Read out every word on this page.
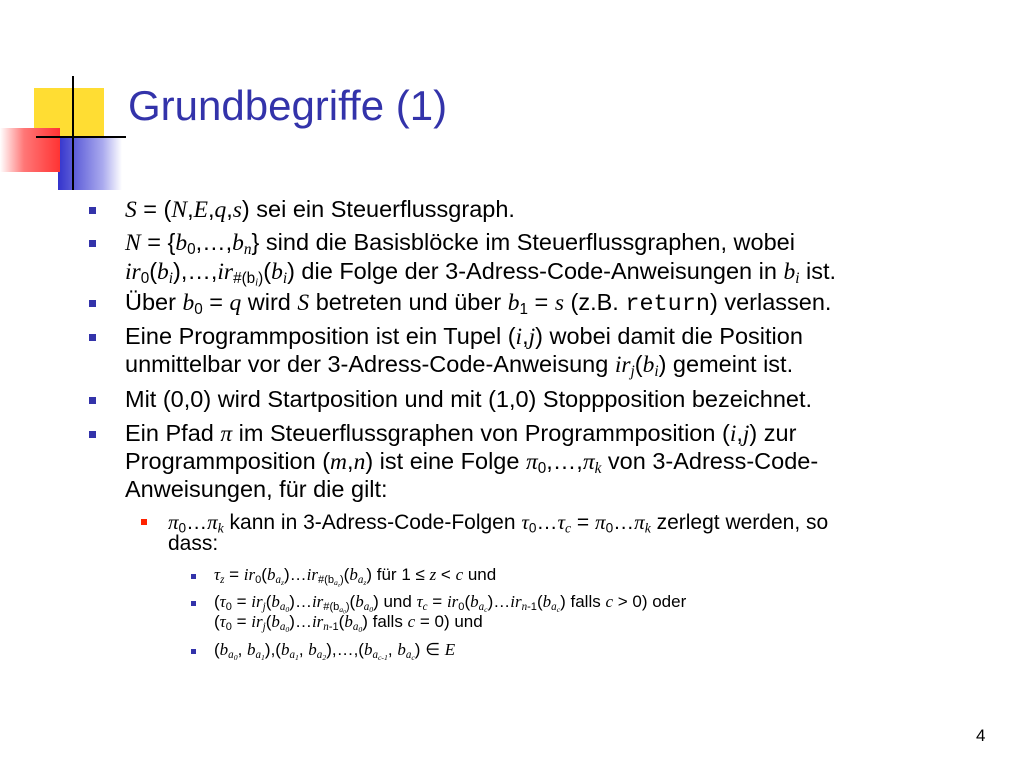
Grundbegriffe (1)
S = (N,E,q,s) sei ein Steuerflussgraph.
$N = \{b_0,\dots,b_n\}$ sind die Basisblöcke im Steuerflussgraphen, wobei
$ir_0(b_i),\dots,ir_{\#(b_i)}(b_i)$ die Folge der 3-Adress-Code-Anweisungen in $b_i$ ist.
Über $b_0 = q$ wird S betreten und über $b_1 = s$ (z.B. return) verlassen.
Eine Programmposition ist ein Tupel (i,j) wobei damit die Position
unmittelbar vor der 3-Adress-Code-Anweisung $ir_j(b_i)$ gemeint ist.
Mit (0,0) wird Startposition und mit (1,0) Stoppposition bezeichnet.
Ein Pfad π im Steuerflussgraphen von Programmposition (i,j) zur
Programmposition (m,n) ist eine Folge $\pi_0,\dots,\pi_k$ von 3-Adress-Code-
Anweisungen, für die gilt:
$\pi_0\dots\pi_k$ kann in 3-Adress-Code-Folgen $\tau_0\dots\tau_c$ = $\pi_0\dots\pi_k$ zerlegt werden, so
dass:
$\tau_z$ = $ir_0(b_{a_z})\dots ir_{\#(b_{a_z})}(b_{a_z})$ für 1 ≤ z < c und
($\tau_0$ = $ir_j(b_{a_0})\dots ir_{\#(b_{a_0})}(b_{a_0})$ und $\tau_c$ = $ir_0(b_{a_c})\dots ir_{n-1}(b_{a_c})$ falls c > 0) oder
($\tau_0$ = $ir_j(b_{a_0})\dots ir_{n-1}(b_{a_0})$ falls c = 0) und
($b_{a_0}$, $b_{a_1}),(b_{a_1}$, $b_{a_2}),\dots,(b_{a_{c-1}}$, $b_{a_c}$) ∈ E
4
